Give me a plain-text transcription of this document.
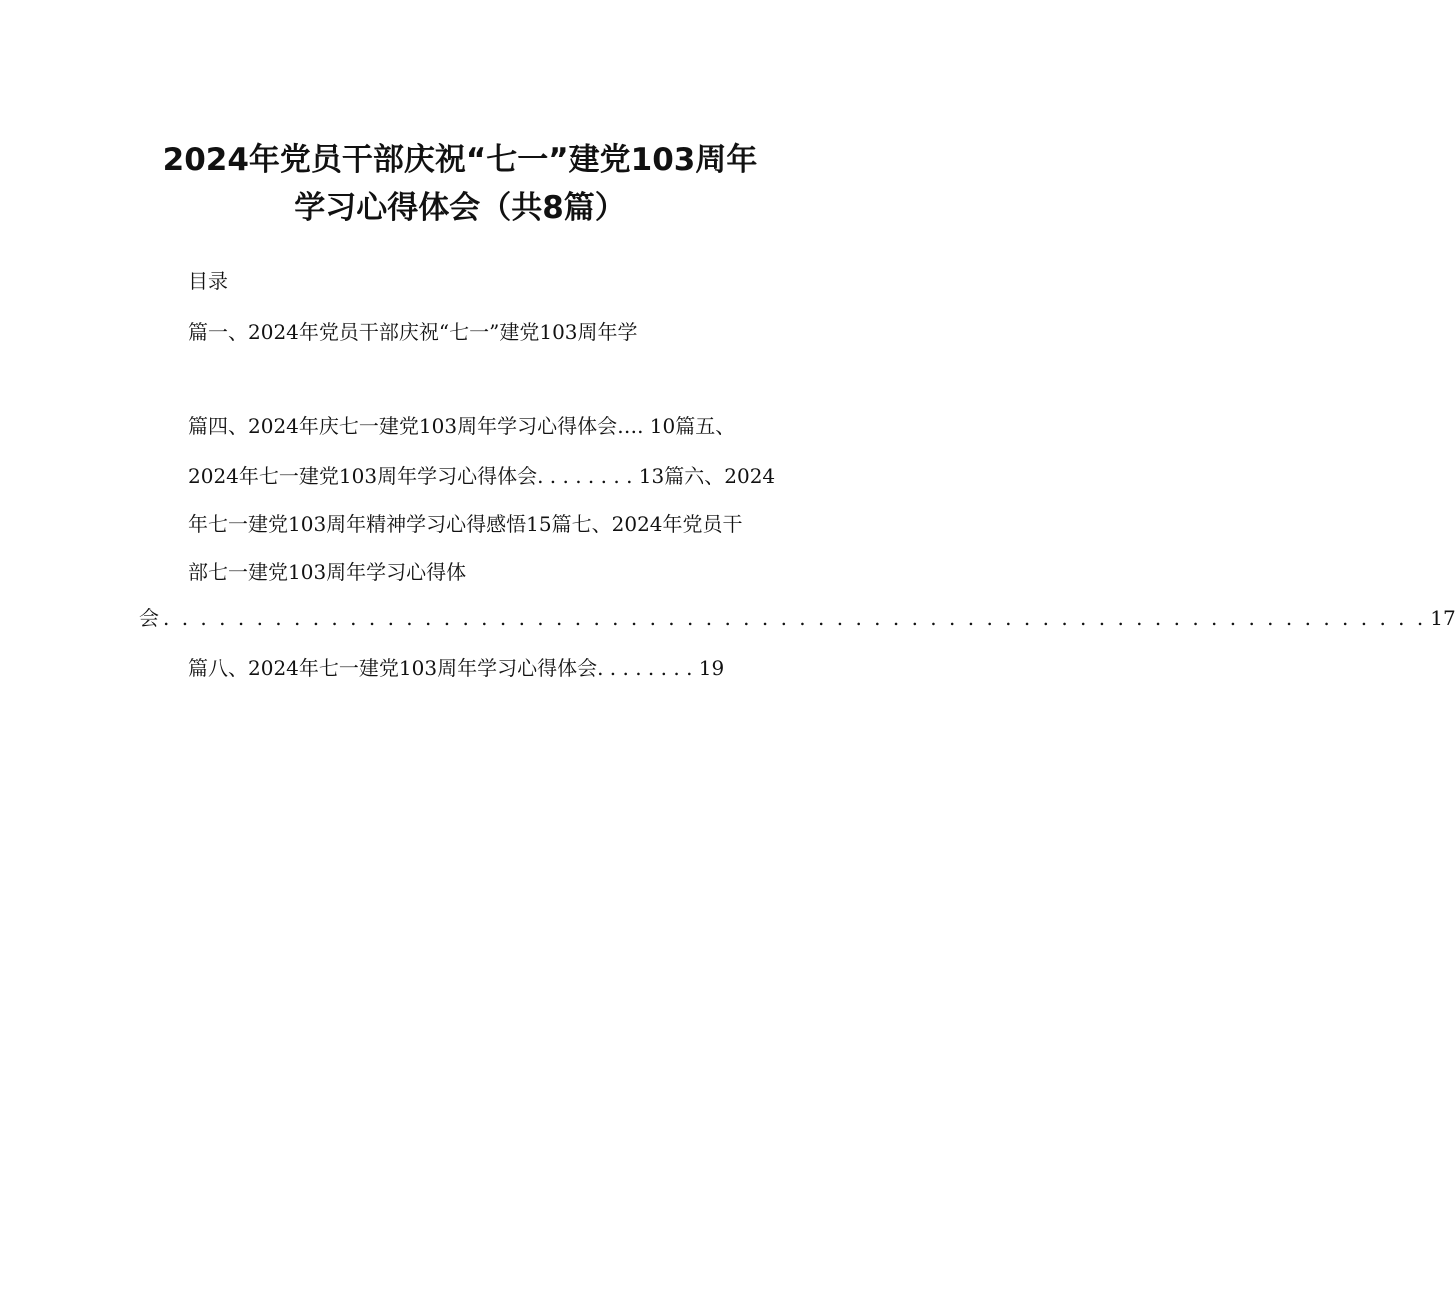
2024年党员干部庆祝“七一”建党103周年
学习心得体会（共8篇）
目录
篇一、2024年党员干部庆祝“七一”建党103周年学
篇四、2024年庆七一建党103周年学习心得体会…. 10篇五、
2024年七一建党103周年学习心得体会. . . . . . . . 13篇六、2024
年七一建党103周年精神学习心得感悟15篇七、2024年党员干
部七一建党103周年学习心得体
会 . . . . . . . . . . . . . . . . . . . . . . . . . . . . . . . . . . . . . . . . . . . . . . . . . . . . . . . . . . . . . . . . . . . . 17
篇八、2024年七一建党103周年学习心得体会. . . . . . . . 19
